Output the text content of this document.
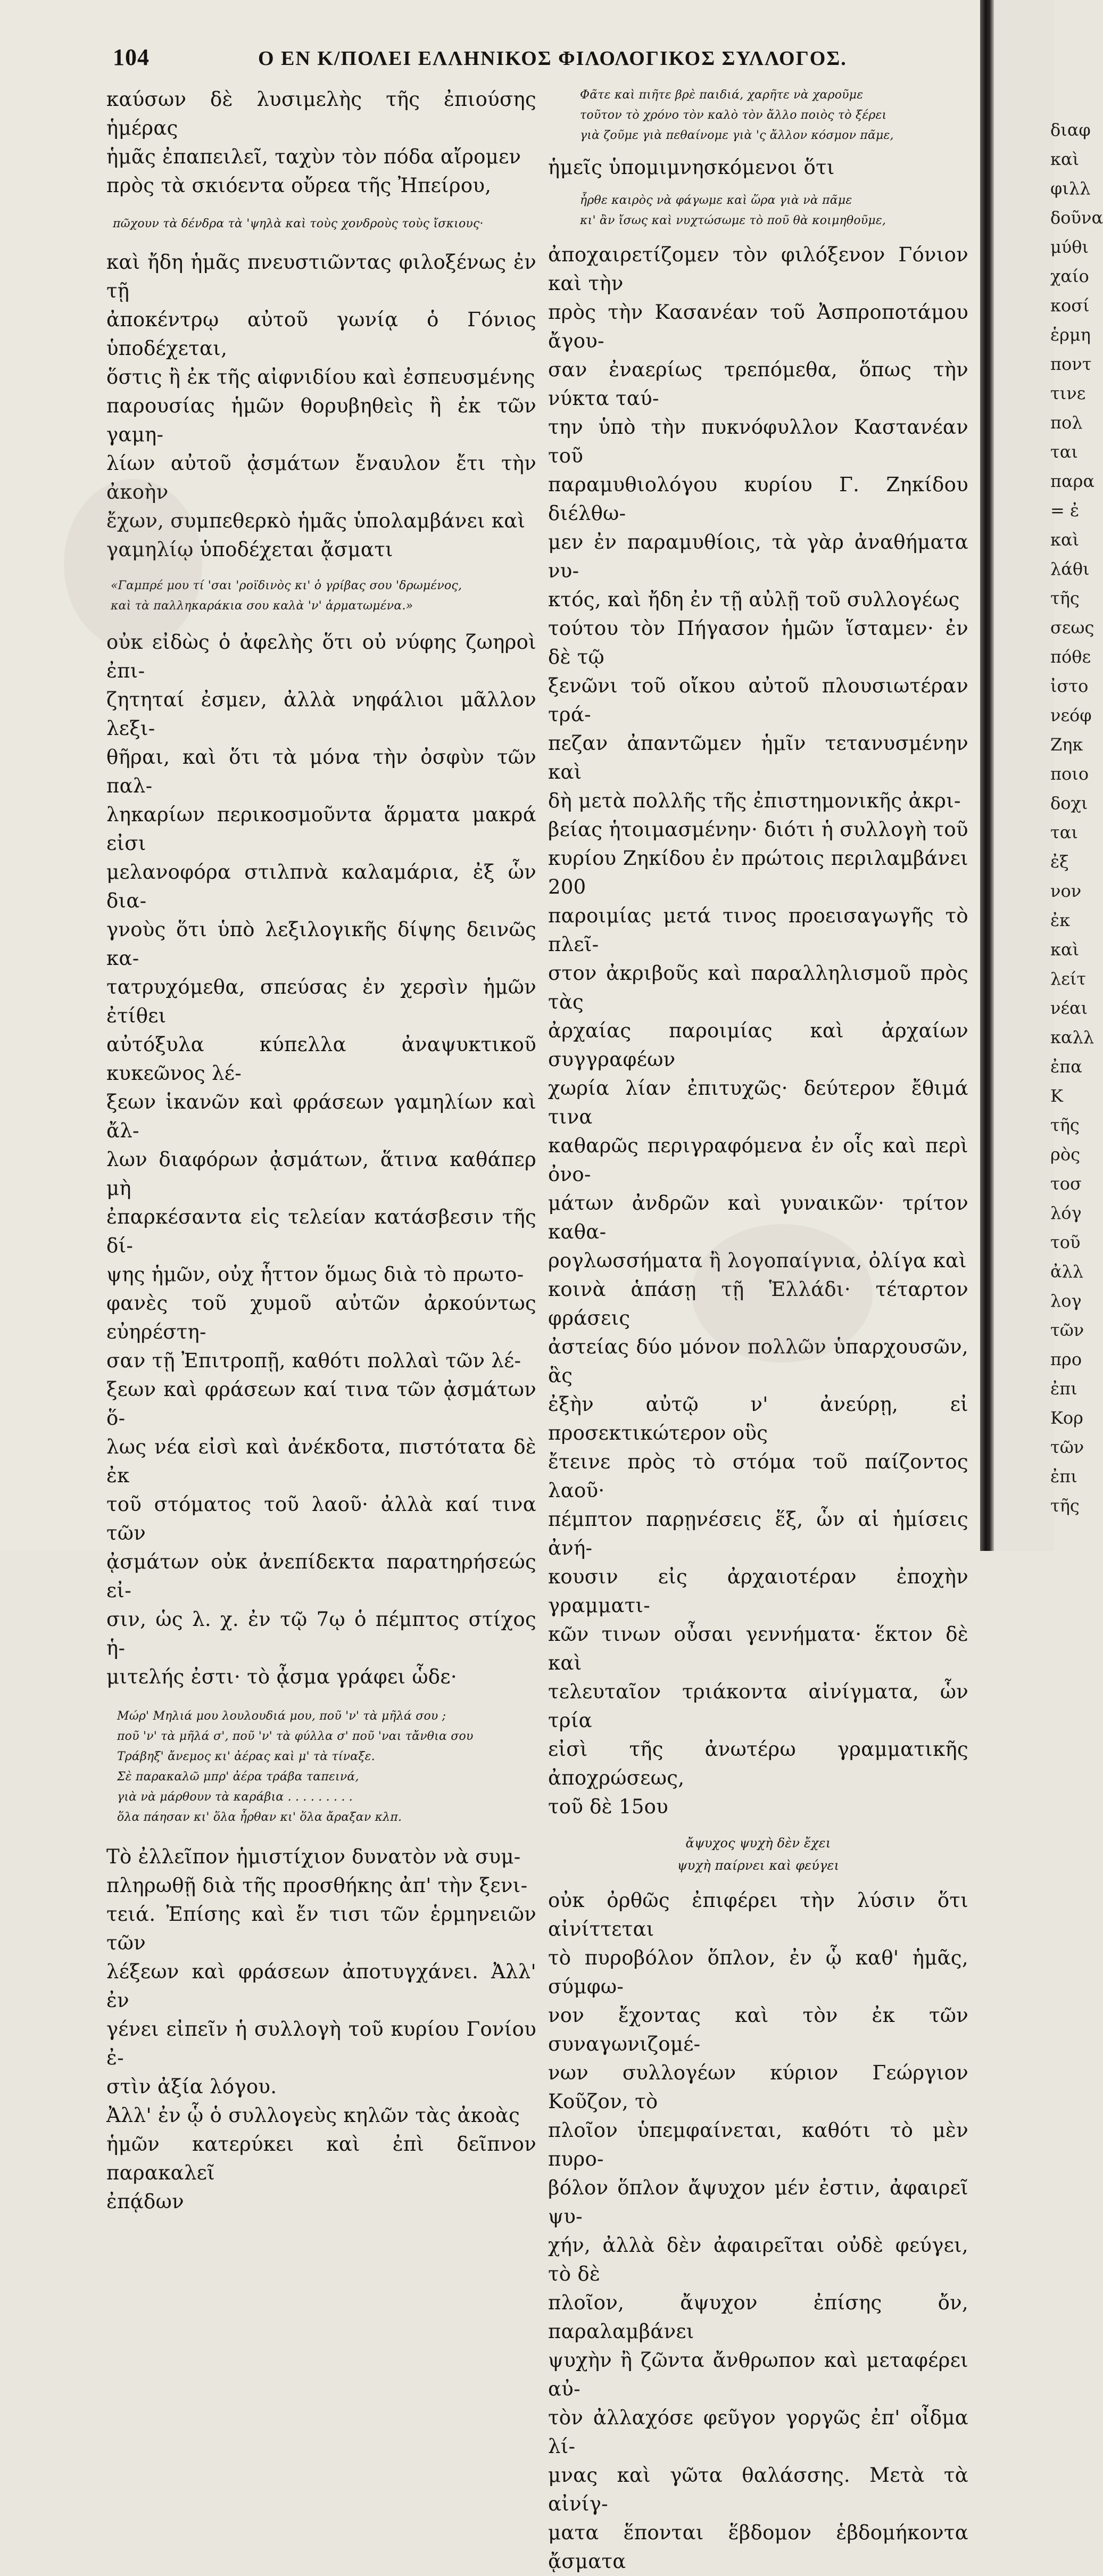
104	Ο ΕΝ Κ/ΠΟΛΕΙ ΕΛΛΗΝΙΚΟΣ ΦΙΛΟΛΟΓΙΚΟΣ ΣΥΛΛΟΓΟΣ.

καύσων δὲ λυσιμελὴς τῆς ἐπιούσης ἡμέρας
ἡμᾶς ἐπαπειλεῖ, ταχὺν τὸν πόδα αἴρομεν
πρὸς τὰ σκιόεντα οὔρεα τῆς Ἠπείρου,

πῶχουν τὰ δένδρα τὰ 'ψηλὰ καὶ τοὺς χονδροὺς τοὺς ἴσκιους·

καὶ ἤδη ἡμᾶς πνευστιῶντας φιλοξένως ἐν τῇ
ἀποκέντρῳ αὐτοῦ γωνίᾳ ὁ Γόνιος ὑποδέχεται,
ὅστις ἢ ἐκ τῆς αἰφνιδίου καὶ ἐσπευσμένης
παρουσίας ἡμῶν θορυβηθεὶς ἢ ἐκ τῶν γαμη-
λίων αὐτοῦ ᾀσμάτων ἔναυλον ἔτι τὴν ἀκοὴν
ἔχων, συμπεθερκὸ ἡμᾶς ὑπολαμβάνει καὶ
γαμηλίῳ ὑποδέχεται ᾄσματι

«Γαμπρέ μου τί 'σαι 'ροϊδινὸς κι' ὁ γρίβας σου 'δρωμένος,
καὶ τὰ παλληκαράκια σου καλὰ 'ν' ἁρματωμένα.»

οὐκ εἰδὼς ὁ ἀφελὴς ὅτι οὐ νύφης ζωηροὶ ἐπι-
ζητηταί ἐσμεν, ἀλλὰ νηφάλιοι μᾶλλον λεξι-
θῆραι, καὶ ὅτι τὰ μόνα τὴν ὀσφὺν τῶν παλ-
ληκαρίων περικοσμοῦντα ἅρματα μακρά εἰσι
μελανοφόρα στιλπνὰ καλαμάρια, ἐξ ὧν δια-
γνοὺς ὅτι ὑπὸ λεξιλογικῆς δίψης δεινῶς κα-
τατρυχόμεθα, σπεύσας ἐν χερσὶν ἡμῶν ἐτίθει
αὐτόξυλα κύπελλα ἀναψυκτικοῦ κυκεῶνος λέ-
ξεων ἱκανῶν καὶ φράσεων γαμηλίων καὶ ἄλ-
λων διαφόρων ᾀσμάτων, ἅτινα καθάπερ μὴ
ἐπαρκέσαντα εἰς τελείαν κατάσβεσιν τῆς δί-
ψης ἡμῶν, οὐχ ἧττον ὅμως διὰ τὸ πρωτο-
φανὲς τοῦ χυμοῦ αὐτῶν ἀρκούντως εὐηρέστη-
σαν τῇ Ἐπιτροπῇ, καθότι πολλαὶ τῶν λέ-
ξεων καὶ φράσεων καί τινα τῶν ᾀσμάτων ὅ-
λως νέα εἰσὶ καὶ ἀνέκδοτα, πιστότατα δὲ ἐκ
τοῦ στόματος τοῦ λαοῦ· ἀλλὰ καί τινα τῶν
ᾀσμάτων οὐκ ἀνεπίδεκτα παρατηρήσεώς εἰ-
σιν, ὡς λ. χ. ἐν τῷ 7ῳ ὁ πέμπτος στίχος ἡ-
μιτελής ἐστι· τὸ ᾆσμα γράφει ὧδε·

Μώρ' Μηλιά μου λουλουδιά μου, ποῦ 'ν' τὰ μῆλά σου ;
ποῦ 'ν' τὰ μῆλά σ', ποῦ 'ν' τὰ φύλλα σ' ποῦ 'ναι τἄνθια σου
Τράβηξ' ἄνεμος κι' ἀέρας καὶ μ' τὰ τίναξε.
Σὲ παρακαλῶ μπρ' ἀέρα τράβα ταπεινά,
γιὰ νὰ μάρθουν τὰ καράβια . . . . . . . . .
ὅλα πάησαν κι' ὅλα ἦρθαν κι' ὅλα ἄραξαν κλπ.

Τὸ ἐλλεῖπον ἡμιστίχιον δυνατὸν νὰ συμ-
πληρωθῇ διὰ τῆς προσθήκης ἀπ' τὴν ξενι-
τειά. Ἐπίσης καὶ ἔν τισι τῶν ἑρμηνειῶν τῶν
λέξεων καὶ φράσεων ἀποτυγχάνει. Ἀλλ' ἐν
γένει εἰπεῖν ἡ συλλογὴ τοῦ κυρίου Γονίου ἐ-
στὶν ἀξία λόγου.
Ἀλλ' ἐν ᾧ ὁ συλλογεὺς κηλῶν τὰς ἀκοὰς
ἡμῶν κατερύκει καὶ ἐπὶ δεῖπνον παρακαλεῖ
ἐπᾴδων

Φᾶτε καὶ πιῆτε βρὲ παιδιά, χαρῆτε νὰ χαροῦμε
τοῦτον τὸ χρόνο τὸν καλὸ τὸν ἄλλο ποιὸς τὸ ξέρει
γιὰ ζοῦμε γιὰ πεθαίνομε γιὰ 'ς ἄλλον κόσμον πᾶμε,

ἡμεῖς ὑπομιμνησκόμενοι ὅτι

ἦρθε καιρὸς νὰ φάγωμε καὶ ὥρα γιὰ νὰ πᾶμε
κι' ἂν ἴσως καὶ νυχτώσωμε τὸ ποῦ θὰ κοιμηθοῦμε,

ἀποχαιρετίζομεν τὸν φιλόξενον Γόνιον καὶ τὴν
πρὸς τὴν Κασανέαν τοῦ Ἀσπροποτάμου ἄγου-
σαν ἐναερίως τρεπόμεθα, ὅπως τὴν νύκτα ταύ-
την ὑπὸ τὴν πυκνόφυλλον Καστανέαν τοῦ
παραμυθιολόγου κυρίου Γ. Ζηκίδου διέλθω-
μεν ἐν παραμυθίοις, τὰ γὰρ ἀναθήματα νυ-
κτός, καὶ ἤδη ἐν τῇ αὐλῇ τοῦ συλλογέως
τούτου τὸν Πήγασον ἡμῶν ἵσταμεν· ἐν δὲ τῷ
ξενῶνι τοῦ οἴκου αὐτοῦ πλουσιωτέραν τρά-
πεζαν ἀπαντῶμεν ἡμῖν τετανυσμένην καὶ
δὴ μετὰ πολλῆς τῆς ἐπιστημονικῆς ἀκρι-
βείας ἡτοιμασμένην· διότι ἡ συλλογὴ τοῦ
κυρίου Ζηκίδου ἐν πρώτοις περιλαμβάνει 200
παροιμίας μετά τινος προεισαγωγῆς τὸ πλεῖ-
στον ἀκριβοῦς καὶ παραλληλισμοῦ πρὸς τὰς
ἀρχαίας παροιμίας καὶ ἀρχαίων συγγραφέων
χωρία λίαν ἐπιτυχῶς· δεύτερον ἔθιμά τινα
καθαρῶς περιγραφόμενα ἐν οἷς καὶ περὶ ὀνο-
μάτων ἀνδρῶν καὶ γυναικῶν· τρίτον καθα-
ρογλωσσήματα ἢ λογοπαίγνια, ὀλίγα καὶ
κοινὰ ἁπάσῃ τῇ Ἑλλάδι· τέταρτον φράσεις
ἀστείας δύο μόνον πολλῶν ὑπαρχουσῶν, ἃς
ἐξὴν αὐτῷ ν' ἀνεύρῃ, εἰ προσεκτικώτερον οὓς
ἔτεινε πρὸς τὸ στόμα τοῦ παίζοντος λαοῦ·
πέμπτον παρῃνέσεις ἕξ, ὧν αἱ ἡμίσεις ἀνή-
κουσιν εἰς ἀρχαιοτέραν ἐποχὴν γραμματι-
κῶν τινων οὖσαι γεννήματα· ἕκτον δὲ καὶ
τελευταῖον τριάκοντα αἰνίγματα, ὧν τρία
εἰσὶ τῆς ἀνωτέρω γραμματικῆς ἀποχρώσεως,
τοῦ δὲ 15ου

ἄψυχος ψυχὴ δὲν ἔχει
ψυχὴ παίρνει καὶ φεύγει

οὐκ ὀρθῶς ἐπιφέρει τὴν λύσιν ὅτι αἰνίττεται
τὸ πυροβόλον ὅπλον, ἐν ᾧ καθ' ἡμᾶς, σύμφω-
νον ἔχοντας καὶ τὸν ἐκ τῶν συναγωνιζομέ-
νων συλλογέων κύριον Γεώργιον Κοῦζον, τὸ
πλοῖον ὑπεμφαίνεται, καθότι τὸ μὲν πυρο-
βόλον ὅπλον ἄψυχον μέν ἐστιν, ἀφαιρεῖ ψυ-
χήν, ἀλλὰ δὲν ἀφαιρεῖται οὐδὲ φεύγει, τὸ δὲ
πλοῖον, ἄψυχον ἐπίσης ὄν, παραλαμβάνει
ψυχὴν ἢ ζῶντα ἄνθρωπον καὶ μεταφέρει αὐ-
τὸν ἀλλαχόσε φεῦγον γοργῶς ἐπ' οἶδμα λί-
μνας καὶ γῶτα θαλάσσης. Μετὰ τὰ αἰνίγ-
ματα ἕπονται ἕβδομον ἑβδομήκοντα ᾄσματα

διαφ
καὶ
φιλλ
δοῦνα
μύθι
χαίο
κοσί
ἑρμη
ποντ
τινε
πολ
ται
παρα
= ἐ
καὶ
λάθι
τῆς
σεως
πόθε
ἰστο
νεόφ
Ζηκ
ποιο
δοχι
ται
ἐξ
νον
ἐκ
καὶ
λείτ
νέαι
καλλ
ἐπα
Κ
τῆς
ρὸς
τοσ
λόγ
τοῦ
ἀλλ
λογ
τῶν
προ
ἐπι
Κορ
τῶν
ἐπι
τῆς
